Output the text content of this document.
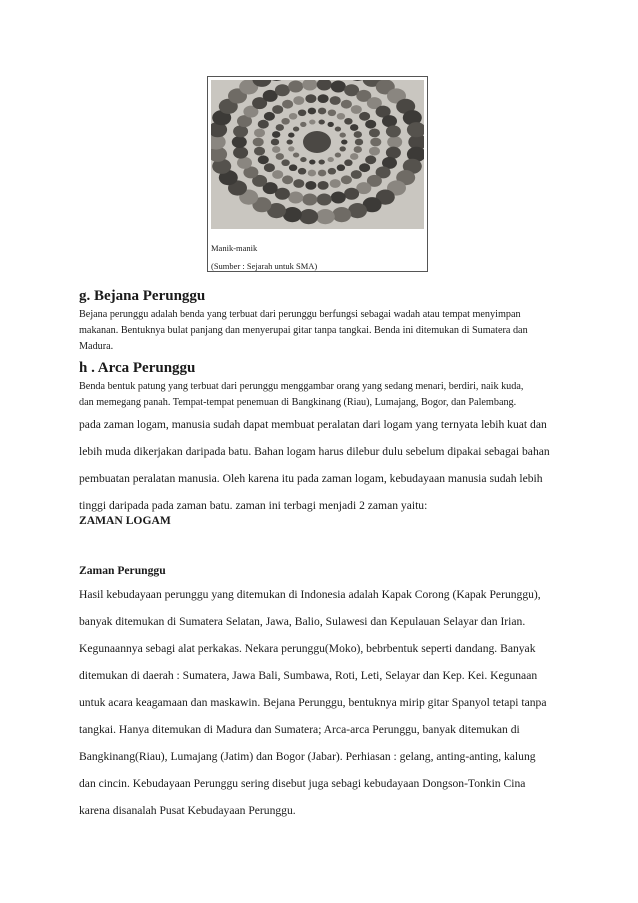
Manik-manik
(Sumber : Sejarah untuk SMA)
g. Bejana Perunggu
Bejana perunggu adalah benda yang terbuat dari perunggu berfungsi sebagai wadah atau tempat menyimpan
makanan. Bentuknya bulat panjang dan menyerupai gitar tanpa tangkai. Benda ini ditemukan di Sumatera dan
Madura.
h . Arca Perunggu
Benda bentuk patung yang terbuat dari perunggu menggambar orang yang sedang menari, berdiri, naik kuda,
dan memegang panah. Tempat-tempat penemuan di Bangkinang (Riau), Lumajang, Bogor, dan Palembang.
pada zaman logam, manusia sudah dapat membuat peralatan dari logam yang ternyata lebih kuat dan
lebih muda dikerjakan daripada batu. Bahan logam harus dilebur dulu sebelum dipakai sebagai bahan
pembuatan peralatan manusia. Oleh karena itu pada zaman logam, kebudayaan manusia sudah lebih
tinggi daripada pada zaman batu. zaman ini terbagi menjadi 2 zaman yaitu:
ZAMAN LOGAM
Zaman Perunggu
Hasil kebudayaan perunggu yang ditemukan di Indonesia adalah Kapak Corong (Kapak Perunggu),
banyak ditemukan di Sumatera Selatan, Jawa, Balio, Sulawesi dan Kepulauan Selayar dan Irian.
Kegunaannya sebagi alat perkakas. Nekara perunggu(Moko), bebrbentuk seperti dandang. Banyak
ditemukan di daerah : Sumatera, Jawa Bali, Sumbawa, Roti, Leti, Selayar dan Kep. Kei. Kegunaan
untuk acara keagamaan dan maskawin. Bejana Perunggu, bentuknya mirip gitar Spanyol tetapi tanpa
tangkai. Hanya ditemukan di Madura dan Sumatera; Arca-arca Perunggu, banyak ditemukan di
Bangkinang(Riau), Lumajang (Jatim) dan Bogor (Jabar). Perhiasan : gelang, anting-anting, kalung
dan cincin. Kebudayaan Perunggu sering disebut juga sebagi kebudayaan Dongson-Tonkin Cina
karena disanalah Pusat Kebudayaan Perunggu.
